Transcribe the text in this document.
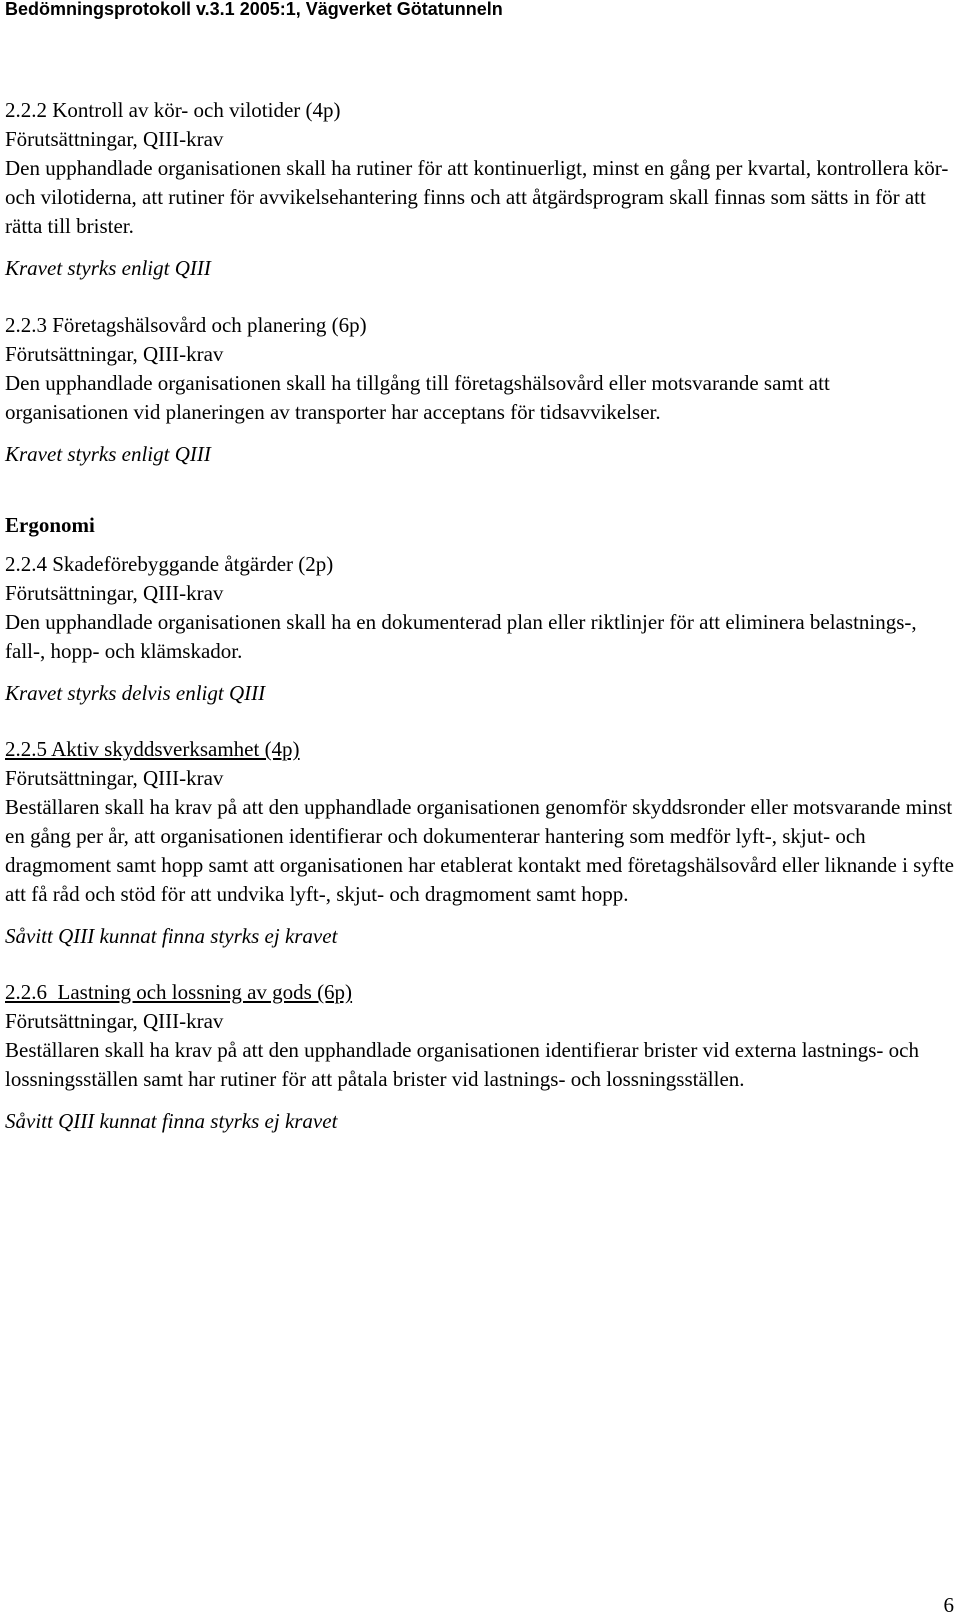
Bedömningsprotokoll v.3.1 2005:1, Vägverket Götatunneln
2.2.2 Kontroll av kör- och vilotider (4p)
Förutsättningar, QIII-krav

Den upphandlade organisationen skall ha rutiner för att kontinuerligt, minst en gång per kvartal, kontrollera kör- och vilotiderna, att rutiner för avvikelsehantering finns och att åtgärdsprogram skall finnas som sätts in för att rätta till brister.

Kravet styrks enligt QIII
2.2.3 Företagshälsovård och planering (6p)
Förutsättningar, QIII-krav

Den upphandlade organisationen skall ha tillgång till företagshälsovård eller motsvarande samt att organisationen vid planeringen av transporter har acceptans för tidsavvikelser.

Kravet styrks enligt QIII
Ergonomi
2.2.4 Skadeförebyggande åtgärder (2p)
Förutsättningar, QIII-krav

Den upphandlade organisationen skall ha en dokumenterad plan eller riktlinjer för att eliminera belastnings-, fall-, hopp- och klämskador.

Kravet styrks delvis enligt QIII
2.2.5 Aktiv skyddsverksamhet (4p)
Förutsättningar, QIII-krav

Beställaren skall ha krav på att den upphandlade organisationen genomför skyddsronder eller motsvarande minst en gång per år, att organisationen identifierar och dokumenterar hantering som medför lyft-, skjut- och dragmoment samt hopp samt att organisationen har etablerat kontakt med företagshälsovård eller liknande i syfte att få råd och stöd för att undvika lyft-, skjut- och dragmoment samt hopp.

Såvitt QIII kunnat finna styrks ej kravet
2.2.6  Lastning och lossning av gods (6p)
Förutsättningar, QIII-krav

Beställaren skall ha krav på att den upphandlade organisationen identifierar brister vid externa lastnings- och lossningsställen samt har rutiner för att påtala brister vid lastnings- och lossningsställen.

Såvitt QIII kunnat finna styrks ej kravet
6
